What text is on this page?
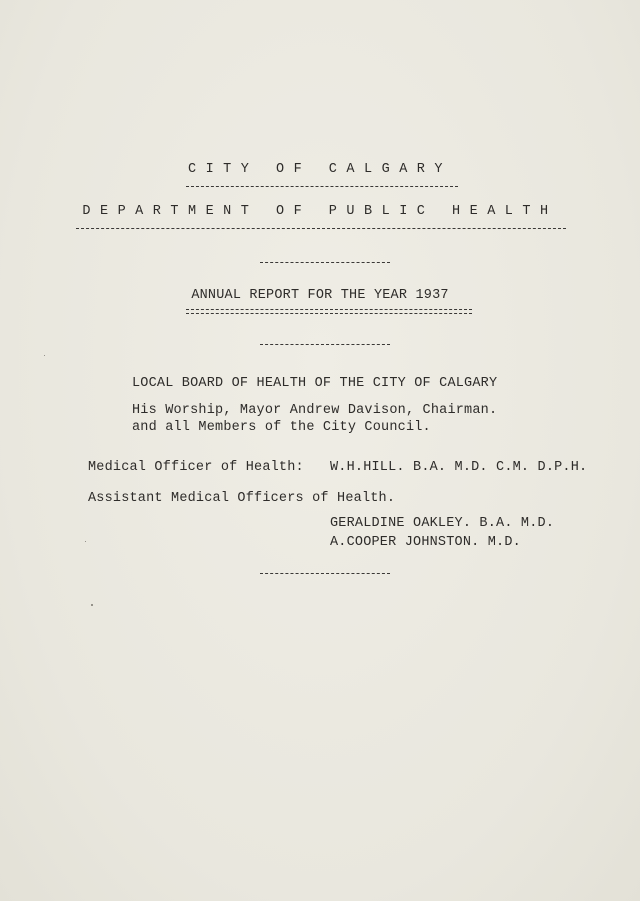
CITY OF CALGARY
DEPARTMENT OF PUBLIC HEALTH
ANNUAL REPORT FOR THE YEAR 1937
LOCAL BOARD OF HEALTH OF THE CITY OF CALGARY
His Worship, Mayor Andrew Davison, Chairman.
and all Members of the City Council.
Medical Officer of Health: W.H.HILL. B.A. M.D. C.M. D.P.H.
Assistant Medical Officers of Health.
GERALDINE OAKLEY. B.A. M.D.
A.COOPER JOHNSTON. M.D.
